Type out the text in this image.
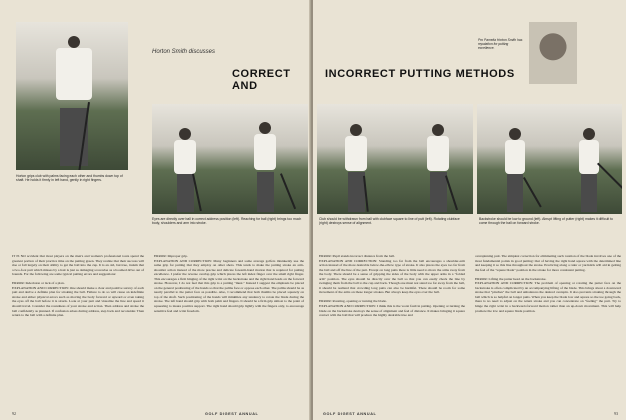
Horton grips club with palms facing each other and thumbs down top of shaft. He holds it firmly in left hand, gently in right fingers.
Horton Smith discusses
CORRECT AND
Eyes are directly over ball in correct address position (left). Reaching for ball (right) brings too much body, shoulders and arm into stroke.
IT IS NO accident that most players on the men's and women's professional tours spend the greatest portion of their practice time on the putting green. They realize that their success will rise or fall largely on their ability to get the ball into the cup. It is an old, but true, truism that a two-foot putt which misses by a hair is just as damaging scorewise as a boomed drive out of bounds. For the following are some typical putting errors and suggestions:

ERROR: Indecision or lack of a plan.
EXPLANATION AND CORRECTION: One should make a clear and positive survey of each putt and derive a definite plan for stroking the ball. Failure to do so will cause an indefinite stroke and either physical errors such as moving the body forward or upward or even taking the eyes off the ball before it is struck. Look at your putt and visualize the line and speed it should travel. Consider the roundness of your stroke and action. Then address and stroke the ball confidently as planned. If confusion arises during address, step back and reconsider. Then return to the ball with a definite plan.
ERROR: Improper grip.
EXPLANATION AND CORRECTION: Many beginners and some average golfers mistakenly use the same grip for putting that they employ on other shots. This tends to make the putting stroke an arm-shoulder action instead of the more precise and delicate forearm-hand motion that is required for putting excellence. I prefer the reverse overlap grip which places the left index finger over the small right finger. This encourages a firm hinging of the right wrist on the backstroke and the right hand leads on the forward stroke. However, I do not feel that this grip is a putting "must." Instead I suggest the emphasis be placed on the general positioning of the hands so that the palms face or oppose each other. The palms should be as nearly parallel to the putter face as possible. Also, I recommend that both thumbs be placed squarely on top of the shaft. Such positioning of the hands will minimize any tendency to rotate the blade during the stroke. The left hand should grip with both palm and fingers. It should be a firm grip almost to the point of squeezing to insure positive support. The right hand should grip lightly with the fingers only, to encourage sensitive feel and wrist freedom.
92	GOLF DIGEST ANNUAL
INCORRECT PUTTING METHODS
Club should be withdrawn from ball with clubface square to line of putt (left). Rotating clubface (right) destroys sense of alignment.
Backstroke should be low to ground (left). Abrupt lifting of putter (right) makes it difficult to come through the ball on forward stroke.
ERROR: Pupil stands incorrect distance from the ball.
EXPLANATION AND CORRECTION: Standing too far from the ball encourages a shoulder-arm action instead of the more desirable below-the-elbow type of stroke. It also places the eyes too far from the ball and off the line of the putt. Except on long putts there is little need to move the arms away from the body. There should be a sense of gripping the sides of the body with the upper arms in a "folded arm" position. The eyes should be directly over the ball so that you can easily check the line by swinging them from the ball to the cup and back. Though one must not stand too far away from the ball, it should be realized that crowding long putts can also be harmful. There should be room for some movement of the arms on these longer strokes. But always keep the eyes over the ball.

ERROR: Rotating, opening or turning the blade.
EXPLANATION AND CORRECTION: I think this is the worst fault in putting. Opening or turning the blade on the backstroke destroys the sense of alignment and feel of distance. It makes bringing it square contact with the ball that will produce the highly desirable true and
overspinning putt. The simplest correction for eliminating such rotation of the blade involves one of the most fundamental points in good putting: that of having the right hand square with the determined line and keeping it so this line throughout the stroke. Practicing along a ruler or yardstick will aid in getting the feel of the "square blade" position in the stroke for more consistent putting.

ERROR: Lifting the putter head on the backstroke.
EXPLANATION AND CORRECTION: The problem of opening or rotating the putter face on the backstroke is often complicated by an accompanying lifting of the blade. This brings about a downward stroke that "pinches" the ball and unbalances the desired overspin. It also prevents stroking through the ball which is so helpful on longer putts. When you keep the blade low and square so the toe going back, there is no need to adjust on the return stroke and you can concentrate on "feeling" the putt. Try to hinge the right wrist in a backward-forward motion rather than an up-down movement. This will help promote the low and square blade position.
GOLF DIGEST ANNUAL	93
Pro Pamelia Horton Smith has reputation for putting excellence.
